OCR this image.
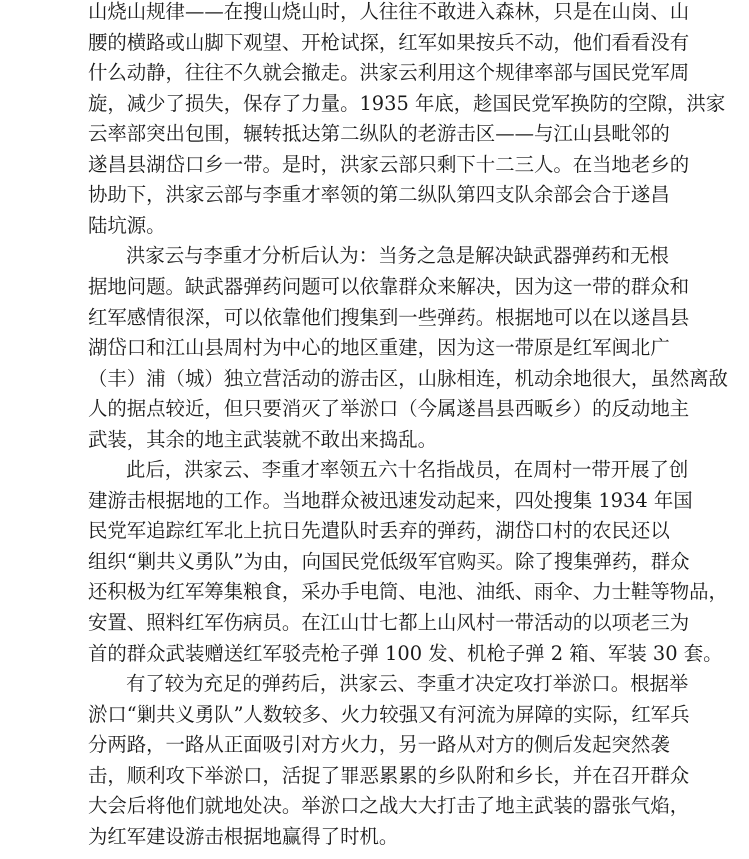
山烧山规律——在搜山烧山时，人往往不敢进入森林，只是在山岗、山
腰的横路或山脚下观望、开枪试探，红军如果按兵不动，他们看看没有
什么动静，往往不久就会撤走。洪家云利用这个规律率部与国民党军周
旋，减少了损失，保存了力量。1935 年底，趁国民党军换防的空隙，洪家
云率部突出包围，辗转抵达第二纵队的老游击区——与江山县毗邻的
遂昌县湖岱口乡一带。是时，洪家云部只剩下十二三人。在当地老乡的
协助下，洪家云部与李重才率领的第二纵队第四支队余部会合于遂昌
陆坑源。
洪家云与李重才分析后认为：当务之急是解决缺武器弹药和无根
据地问题。缺武器弹药问题可以依靠群众来解决，因为这一带的群众和
红军感情很深，可以依靠他们搜集到一些弹药。根据地可以在以遂昌县
湖岱口和江山县周村为中心的地区重建，因为这一带原是红军闽北广
（丰）浦（城）独立营活动的游击区，山脉相连，机动余地很大，虽然离敌
人的据点较近，但只要消灭了举淤口（今属遂昌县西畈乡）的反动地主
武装，其余的地主武装就不敢出来捣乱。
此后，洪家云、李重才率领五六十名指战员，在周村一带开展了创
建游击根据地的工作。当地群众被迅速发动起来，四处搜集 1934 年国
民党军追踪红军北上抗日先遣队时丢弃的弹药，湖岱口村的农民还以
组织“剿共义勇队”为由，向国民党低级军官购买。除了搜集弹药，群众
还积极为红军筹集粮食，采办手电筒、电池、油纸、雨伞、力士鞋等物品，
安置、照料红军伤病员。在江山廿七都上山风村一带活动的以项老三为
首的群众武装赠送红军驳壳枪子弹 100 发、机枪子弹 2 箱、军装 30 套。
有了较为充足的弹药后，洪家云、李重才决定攻打举淤口。根据举
淤口“剿共义勇队”人数较多、火力较强又有河流为屏障的实际，红军兵
分两路，一路从正面吸引对方火力，另一路从对方的侧后发起突然袭
击，顺利攻下举淤口，活捉了罪恶累累的乡队附和乡长，并在召开群众
大会后将他们就地处决。举淤口之战大大打击了地主武装的嚣张气焰，
为红军建设游击根据地赢得了时机。
